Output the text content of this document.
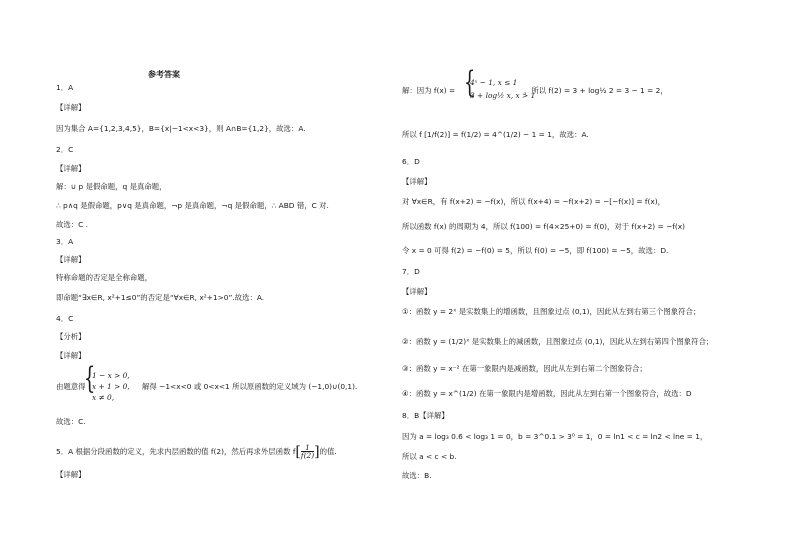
参考答案
1．A
【详解】
因为集合 A={1,2,3,4,5}，B={x|−1<x<3}，则 A∩B={1,2}，故选：A.
2．C
【详解】
解：∪ p 是假命题，q 是真命题，
∴ p∧q 是假命题，p∨q 是真命题，¬p 是真命题，¬q 是假命题，∴ ABD 错，C 对.
故选：C .
3．A
【详解】
特称命题的否定是全称命题，
即命题“∃x∈R, x²+1≤0”的否定是“∀x∈R, x²+1>0”.故选：A.
4．C
【分析】
【详解】
由题意得
{
1 − x > 0,
x + 1 > 0,
x ≠ 0,
解得 −1<x<0 或 0<x<1 所以原函数的定义域为 (−1,0)∪(0,1).
故选：C.
5．A 根据分段函数的定义，先求内层函数的值 f(2)，然后再求外层函数 f [ $\frac{1}{f(2)}$ ] 的值.
【详解】
解：因为 f(x) = {
4ˣ − 1, x ≤ 1
3 + log½ x, x > 1
，所以 f(2) = 3 + log½ 2 = 3 − 1 = 2，
所以 f [1/f(2)] = f(1/2) = 4^(1/2) − 1 = 1，故选：A.
6．D
【详解】
对 ∀x∈R，有 f(x+2) = −f(x)，所以 f(x+4) = −f(x+2) = −[−f(x)] = f(x)，
所以函数 f(x) 的周期为 4，所以 f(100) = f(4×25+0) = f(0)，对于 f(x+2) = −f(x)
令 x = 0 可得 f(2) = −f(0) = 5，所以 f(0) = −5，即 f(100) = −5，故选：D.
7．D
【详解】
①：函数 y = 2ˣ 是实数集上的增函数，且图象过点 (0,1)，因此从左到右第三个图象符合；
②：函数 y = (1/2)ˣ 是实数集上的减函数，且图象过点 (0,1)，因此从左到右第四个图象符合；
③：函数 y = x⁻² 在第一象限内是减函数，因此从左到右第二个图象符合；
④：函数 y = x^(1/2) 在第一象限内是增函数，因此从左到右第一个图象符合，故选：D
8．B【详解】
因为 a = log₃ 0.6 < log₃ 1 = 0，b = 3^0.1 > 3⁰ = 1，0 = ln1 < c = ln2 < lne = 1，
所以 a < c < b.
故选：B.
